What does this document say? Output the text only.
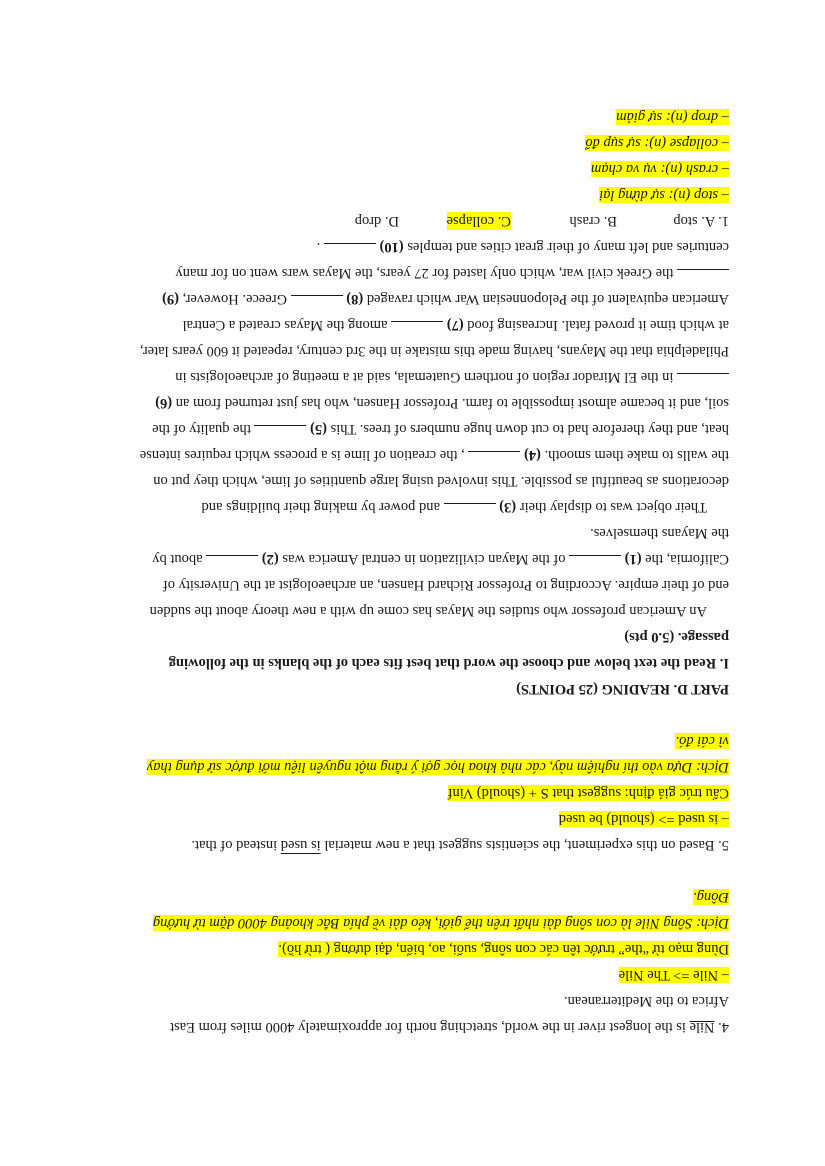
4. Nile is the longest river in the world, stretching north for approximately 4000 miles from East
Africa to the Mediterranean.
– Nile => The Nile
Dùng mạo từ “the” trước tên các con sông, suối, ao, biển, đại dương ( trừ hồ).
Dịch: Sông Nile là con sông dài nhất trên thế giới, kéo dài về phía Bắc khoảng 4000 dặm từ hướng
Đông.
5. Based on this experiment, the scientists suggest that a new material is used instead of that.
– is used => (should) be used
Cấu trúc giả định: suggest that S + (should) Vinf
Dịch: Dựa vào thí nghiệm này, các nhà khoa học gợi ý rằng một nguyên liệu mới được sử dụng thay
vì cái đó.
PART D. READING (25 POINTS)
I. Read the text below and choose the word that best fits each of the blanks in the following
passage. (5.0 pts)
An American professor who studies the Mayas has come up with a new theory about the sudden
end of their empire. According to Professor Richard Hansen, an archaeologist at the University of
California, the (1)  of the Mayan civilization in central America was (2)  about by
the Mayans themselves.
Their object was to display their (3)  and power by making their buildings and
decorations as beautiful as possible. This involved using large quantities of lime, which they put on
the walls to make them smooth. (4)  , the creation of lime is a process which requires intense
heat, and they therefore had to cut down huge numbers of trees. This (5)  the quality of the
soil, and it became almost impossible to farm. Professor Hansen, who has just returned from an (6)
in the El Mirador region of northern Guatemala, said at a meeting of archaeologists in
Philadelphia that the Mayans, having made this mistake in the 3rd century, repeated it 600 years later,
at which time it proved fatal. Increasing food (7)  among the Mayas created a Central
American equivalent of the Peloponnesian War which ravaged (8)  Greece. However, (9)
the Greek civil war, which only lasted for 27 years, the Mayas wars went on for many
centuries and left many of their great cities and temples (10)  .
1. A. stop
B. crash
C. collapse
D. drop
– stop (n): sự dừng lại
– crash (n): vụ va chạm
– collapse (n): sự sụp đổ
– drop (n): sự giảm
